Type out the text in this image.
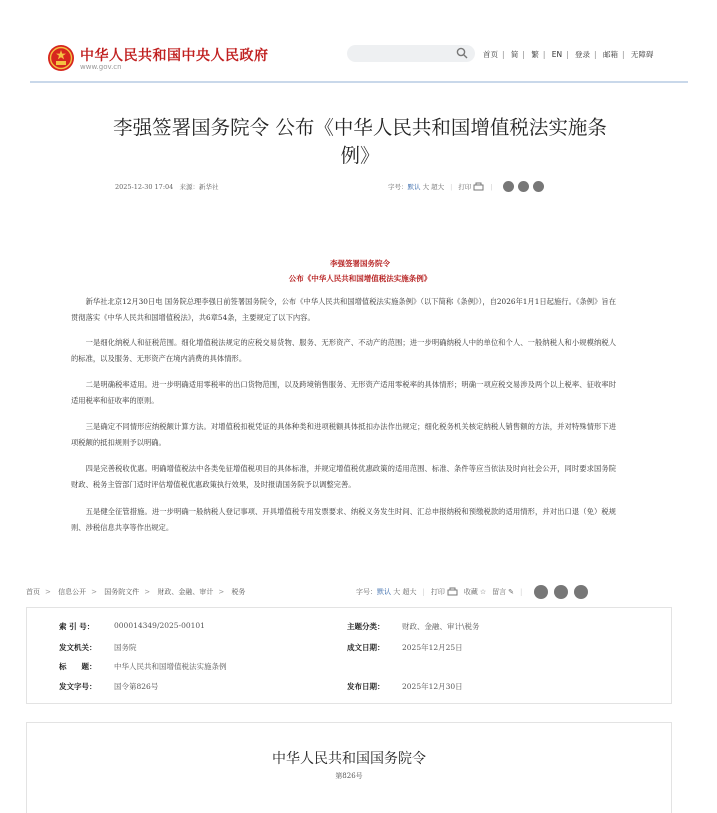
中华人民共和国中央人民政府
www.gov.cn
首页 | 简 | 繁 | EN | 登录 | 邮箱 | 无障碍
李强签署国务院令 公布《中华人民共和国增值税法实施条例》
2025-12-30 17:04 来源：新华社	字号： 默认
大
超大 | 打印	|
李强签署国务院令
公布《中华人民共和国增值税法实施条例》
新华社北京12月30日电 国务院总理李强日前签署国务院令，公布《中华人民共和国增值税法实施条例》（以下简称《条例》），自2026年1月1日起施行。《条例》旨在贯彻落实《中华人民共和国增值税法》，共6章54条，主要规定了以下内容。
一是细化纳税人和征税范围。细化增值税法规定的应税交易货物、服务、无形资产、不动产的范围；进一步明确纳税人中的单位和个人、一般纳税人和小规模纳税人的标准，以及服务、无形资产在境内消费的具体情形。
二是明确税率适用。进一步明确适用零税率的出口货物范围，以及跨境销售服务、无形资产适用零税率的具体情形；明确一项应税交易涉及两个以上税率、征收率时适用税率和征收率的原则。
三是确定不同情形应纳税额计算方法。对增值税扣税凭证的具体种类和进项税额具体抵扣办法作出规定；细化税务机关核定纳税人销售额的方法，并对特殊情形下进项税额的抵扣规则予以明确。
四是完善税收优惠。明确增值税法中各类免征增值税项目的具体标准，并规定增值税优惠政策的适用范围、标准、条件等应当依法及时向社会公开，同时要求国务院财政、税务主管部门适时评估增值税优惠政策执行效果，及时报请国务院予以调整完善。
五是健全征管措施。进一步明确一般纳税人登记事项、开具增值税专用发票要求、纳税义务发生时间、汇总申报纳税和预缴税款的适用情形，并对出口退（免）税规则、涉税信息共享等作出规定。
首页 > 信息公开 > 国务院文件 > 财政、金融、审计 > 税务	字号： 默认
大
超大 | 打印	收藏 ☆ 留言 ✎ |
索 引 号：	000014349/2025-00101	主题分类： 财政、金融、审计\税务
发文机关： 国务院	成文日期： 2025年12月25日
标　　题： 中华人民共和国增值税法实施条例
发文字号： 国令第826号	发布日期： 2025年12月30日
中华人民共和国国务院令
第826号
